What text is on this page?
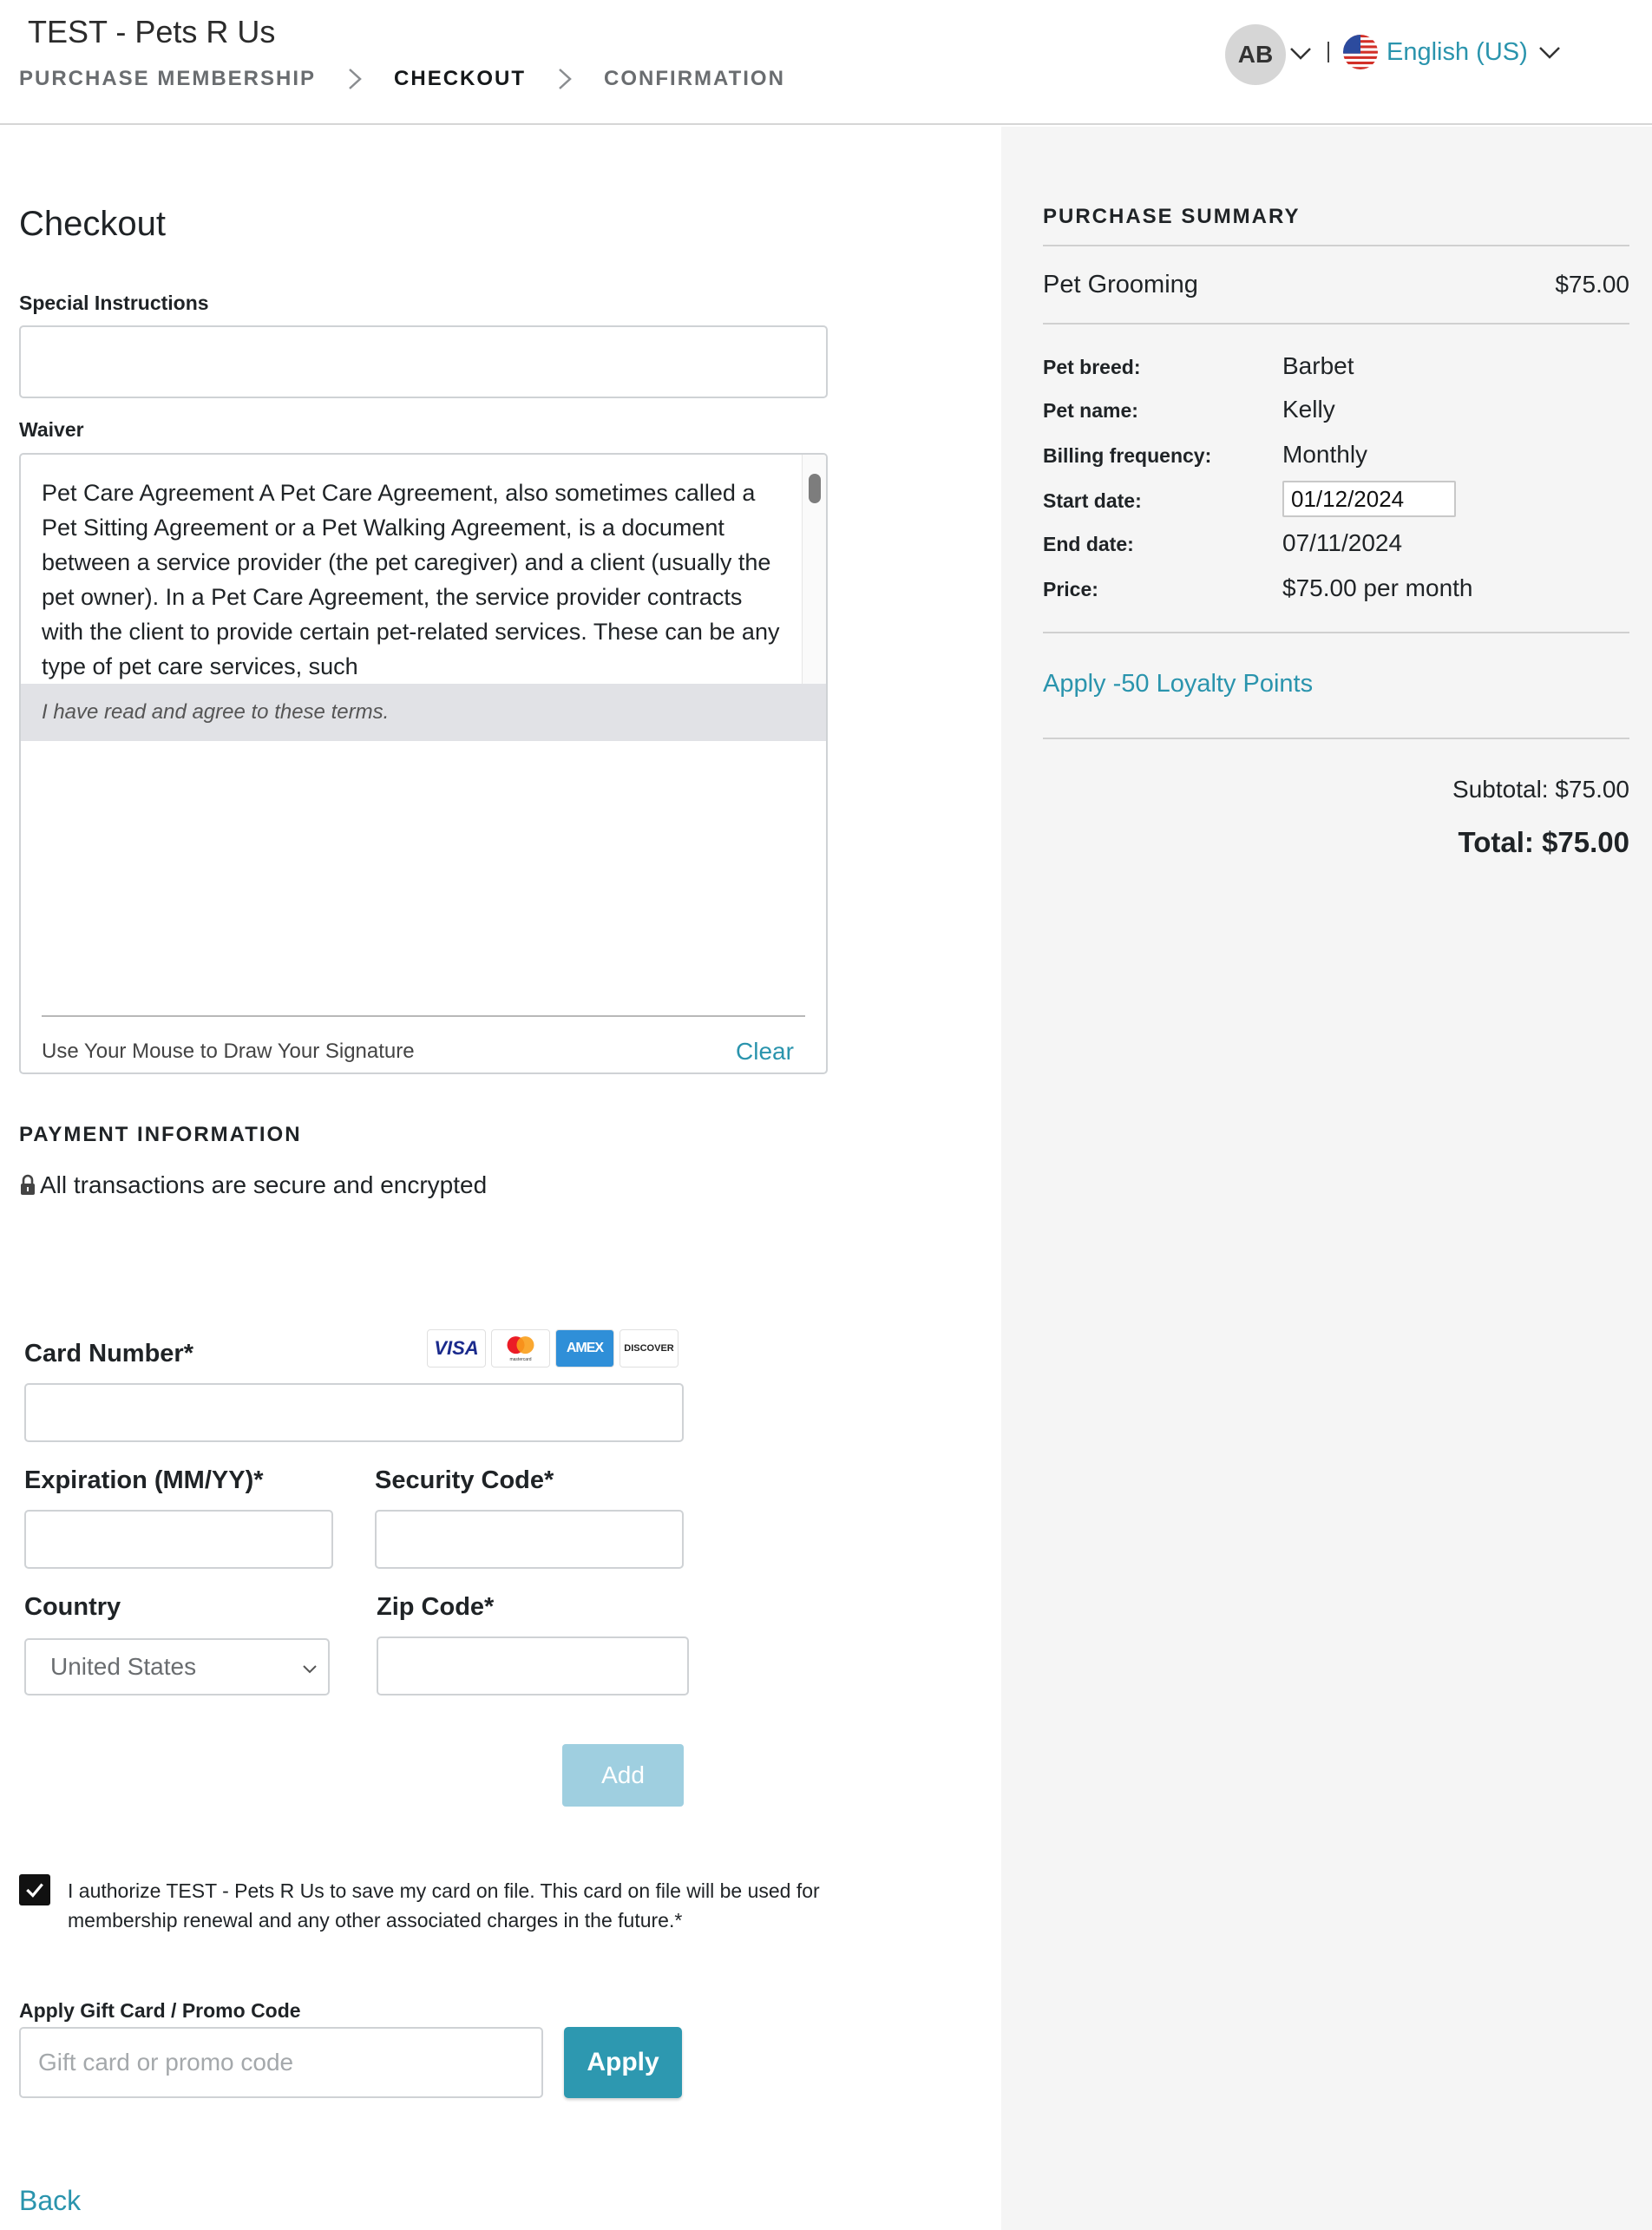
TEST - Pets R Us
PURCHASE MEMBERSHIP	CHECKOUT	CONFIRMATION
AB	English (US)
Checkout
Special Instructions
Waiver
Pet Care Agreement A Pet Care Agreement, also sometimes called a Pet Sitting Agreement or a Pet Walking Agreement, is a document between a service provider (the pet caregiver) and a client (usually the pet owner). In a Pet Care Agreement, the service provider contracts with the client to provide certain pet-related services. These can be any type of pet care services, such
I have read and agree to these terms.
Use Your Mouse to Draw Your Signature	Clear
PAYMENT INFORMATION
All transactions are secure and encrypted
Card Number*	VISA
mastercard
AMEX	DISCOVER
Expiration (MM/YY)*	Security Code*
Country
United States
Zip Code*
Add
I authorize TEST - Pets R Us to save my card on file. This card on file will be used for membership renewal and any other associated charges in the future.*
Apply Gift Card / Promo Code
Gift card or promo code
Apply
Back
PURCHASE SUMMARY
Pet Grooming	$75.00
Pet breed:	Barbet
Pet name:	Kelly
Billing frequency:	Monthly
Start date:	01/12/2024
End date:	07/11/2024
Price:	$75.00 per month
Apply -50 Loyalty Points
Subtotal: $75.00
Total: $75.00
